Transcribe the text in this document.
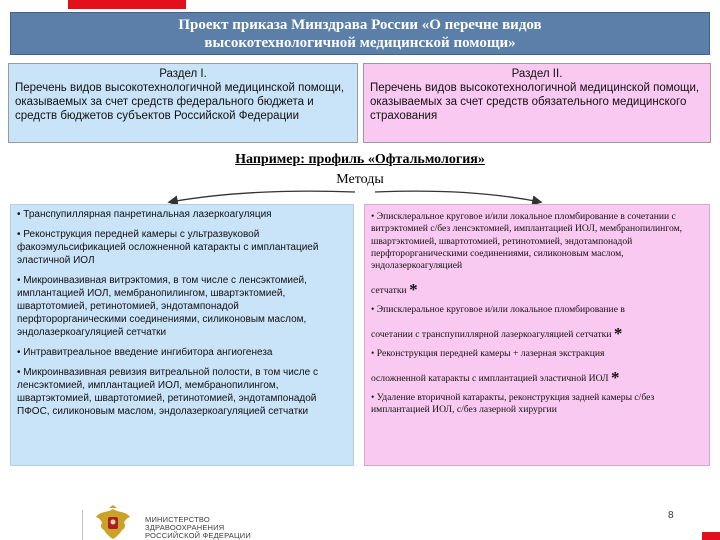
Проект приказа Минздрава России «О перечне видов
высокотехнологичной медицинской помощи»
Раздел I.
Перечень видов высокотехнологичной медицинской помощи, оказываемых за счет средств федерального бюджета и средств бюджетов субъектов Российской Федерации
Раздел II.
Перечень видов высокотехнологичной медицинской помощи, оказываемых за счет средств обязательного медицинского страхования
Например: профиль «Офтальмология»
Методы

• Транспупиллярная панретинальная лазеркоагуляция

• Реконструкция передней камеры с ультразвуковой факоэмульсификацией осложненной катаракты с имплантацией эластичной ИОЛ

• Микроинвазивная витрэктомия, в том числе с ленсэктомией, имплантацией ИОЛ, мембранопилингом, швартэктомией, швартотомией, ретинотомией, эндотампонадой перфторорганическими соединениями, силиконовым маслом, эндолазеркоагуляцией сетчатки

• Интравитреальное введение ингибитора ангиогенеза

• Микроинвазивная ревизия витреальной полости, в том числе с ленсэктомией, имплантацией ИОЛ, мембранопилингом, швартэктомией, швартотомией, ретинотомией, эндотампонадой ПФОС, силиконовым маслом, эндолазеркоагуляцией сетчатки

• Эписклеральное круговое и/или локальное пломбирование в сочетании с витрэктомией с/без ленсэктомией, имплантацией ИОЛ, мембранопилингом, швартэктомией, швартотомией, ретинотомией, эндотампонадой перфторорганическими соединениями, силиконовым маслом, эндолазеркоагуляцией

сетчатки *

• Эписклеральное круговое и/или локальное пломбирование в

сочетании с транспупиллярной лазеркоагуляцией сетчатки *

• Реконструкция передней камеры + лазерная экстракция

осложненной катаракты с имплантацией эластичной ИОЛ *

• Удаление вторичной катаракты, реконструкция задней камеры с/без имплантацией ИОЛ, с/без лазерной хирургии

МИНИСТЕРСТВО
ЗДРАВООХРАНЕНИЯ
РОССИЙСКОЙ ФЕДЕРАЦИИ
8
